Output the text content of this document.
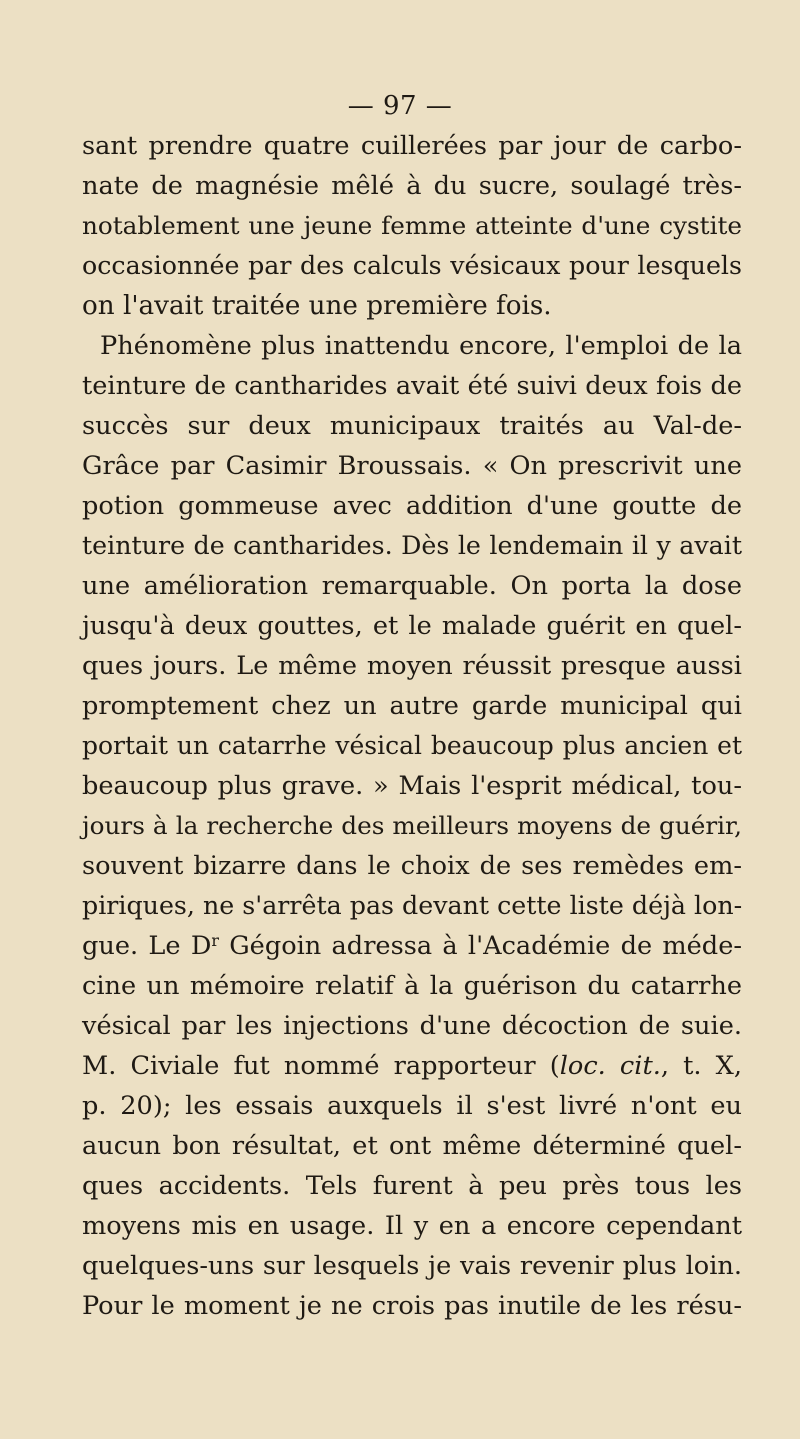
— 97 —
sant prendre quatre cuillerées par jour de carbo-
nate de magnésie mêlé à du sucre, soulagé très-
notablement une jeune femme atteinte d'une cystite
occasionnée par des calculs vésicaux pour lesquels
on l'avait traitée une première fois.
Phénomène plus inattendu encore, l'emploi de la
teinture de cantharides avait été suivi deux fois de
succès sur deux municipaux traités au Val-de-
Grâce par Casimir Broussais. « On prescrivit une
potion gommeuse avec addition d'une goutte de
teinture de cantharides. Dès le lendemain il y avait
une amélioration remarquable. On porta la dose
jusqu'à deux gouttes, et le malade guérit en quel-
ques jours. Le même moyen réussit presque aussi
promptement chez un autre garde municipal qui
portait un catarrhe vésical beaucoup plus ancien et
beaucoup plus grave. » Mais l'esprit médical, tou-
jours à la recherche des meilleurs moyens de guérir,
souvent bizarre dans le choix de ses remèdes em-
piriques, ne s'arrêta pas devant cette liste déjà lon-
gue. Le $D^r$ Gégoin adressa à l'Académie de méde-
cine un mémoire relatif à la guérison du catarrhe
vésical par les injections d'une décoction de suie.
M. Civiale fut nommé rapporteur (loc. cit., t. X,
p. 20); les essais auxquels il s'est livré n'ont eu
aucun bon résultat, et ont même déterminé quel-
ques accidents. Tels furent à peu près tous les
moyens mis en usage. Il y en a encore cependant
quelques-uns sur lesquels je vais revenir plus loin.
Pour le moment je ne crois pas inutile de les résu-
